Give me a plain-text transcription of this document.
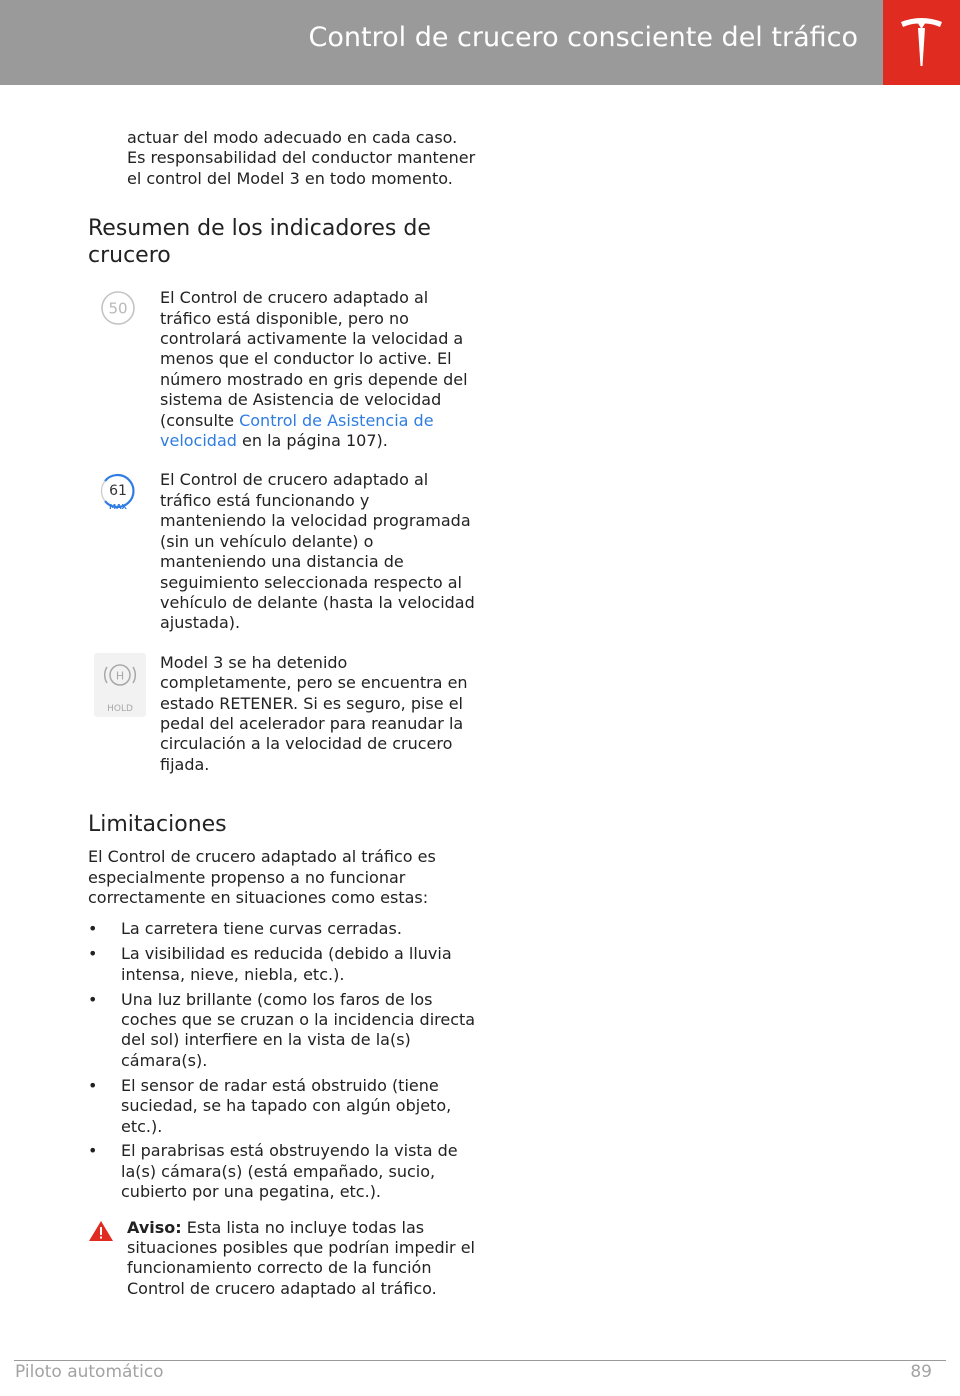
Control de crucero consciente del tráfico

actuar del modo adecuado en cada caso. Es responsabilidad del conductor mantener el control del Model 3 en todo momento.

Resumen de los indicadores de crucero
50

El Control de crucero adaptado al tráfico está disponible, pero no controlará activamente la velocidad a menos que el conductor lo active. El número mostrado en gris depende del sistema de Asistencia de velocidad (consulte Control de Asistencia de velocidad en la página 107).

61
MAX

El Control de crucero adaptado al tráfico está funcionando y manteniendo la velocidad programada (sin un vehículo delante) o manteniendo una distancia de seguimiento seleccionada respecto al vehículo de delante (hasta la velocidad ajustada).

H
HOLD

Model 3 se ha detenido completamente, pero se encuentra en estado RETENER. Si es seguro, pise el pedal del acelerador para reanudar la circulación a la velocidad de crucero fijada.

Limitaciones

El Control de crucero adaptado al tráfico es especialmente propenso a no funcionar correctamente en situaciones como estas:

• La carretera tiene curvas cerradas.
• La visibilidad es reducida (debido a lluvia intensa, nieve, niebla, etc.).
• Una luz brillante (como los faros de los coches que se cruzan o la incidencia directa del sol) interfiere en la vista de la(s) cámara(s).
• El sensor de radar está obstruido (tiene suciedad, se ha tapado con algún objeto, etc.).
• El parabrisas está obstruyendo la vista de la(s) cámara(s) (está empañado, sucio, cubierto por una pegatina, etc.).

Aviso: Esta lista no incluye todas las situaciones posibles que podrían impedir el funcionamiento correcto de la función Control de crucero adaptado al tráfico.

Piloto automático	89
